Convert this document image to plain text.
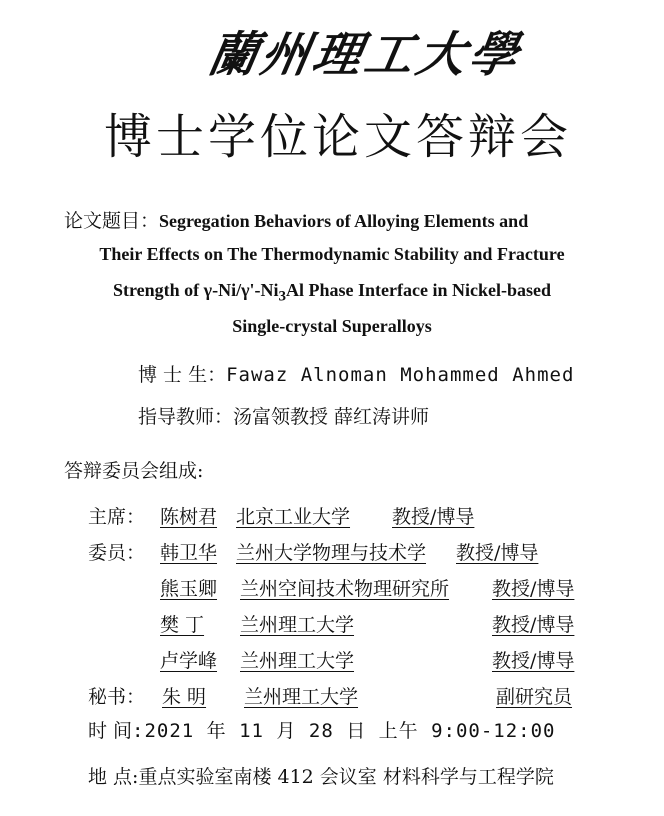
蘭州理工大學
博士学位论文答辩会
论文题目：Segregation Behaviors of Alloying Elements and
Their Effects on The Thermodynamic Stability and Fracture
Strength of $\gamma-Ni/\gamma'-Ni_3Al$ Phase Interface in Nickel-based
Single-crystal Superalloys
博 士 生：Fawaz Alnoman Mohammed Ahmed
指导教师：汤富领教授 薛红涛讲师
答辩委员会组成:
主席： 陈树君 北京工业大学 教授/博导
委员： 韩卫华 兰州大学物理与技术学 教授/博导
熊玉卿 兰州空间技术物理研究所 教授/博导
樊 丁 兰州理工大学	教授/博导
卢学峰 兰州理工大学	教授/博导
秘书： 朱 明 兰州理工大学	副研究员
时 间:2021 年 11 月 28 日 上午 9:00-12:00
地 点:重点实验室南楼 412 会议室 材料科学与工程学院
